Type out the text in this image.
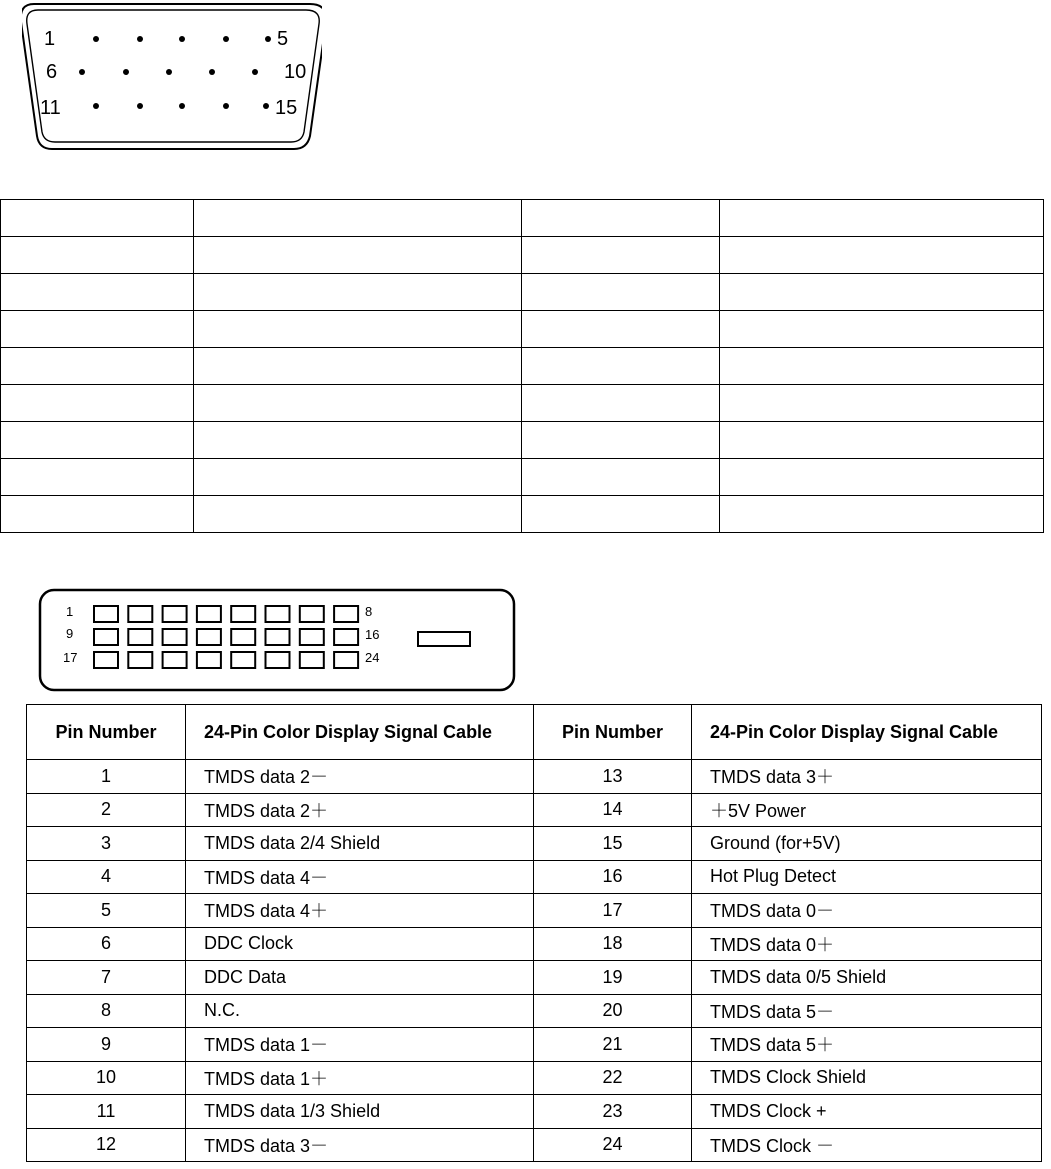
1	5
6	10
11	15

1	8
9	16
17	24
Pin Number	24-Pin Color Display Signal Cable	Pin Number	24-Pin Color Display Signal Cable
1	TMDS data 2－	13	TMDS data 3＋
2	TMDS data 2＋	14	＋5V Power
3	TMDS data 2/4 Shield	15	Ground (for+5V)
4	TMDS data 4－	16	Hot Plug Detect
5	TMDS data 4＋	17	TMDS data 0－
6	DDC Clock	18	TMDS data 0＋
7	DDC Data	19	TMDS data 0/5 Shield
8	N.C.	20	TMDS data 5－
9	TMDS data 1－	21	TMDS data 5＋
10	TMDS data 1＋	22	TMDS Clock Shield
11	TMDS data 1/3 Shield	23	TMDS Clock +
12	TMDS data 3－	24	TMDS Clock －
